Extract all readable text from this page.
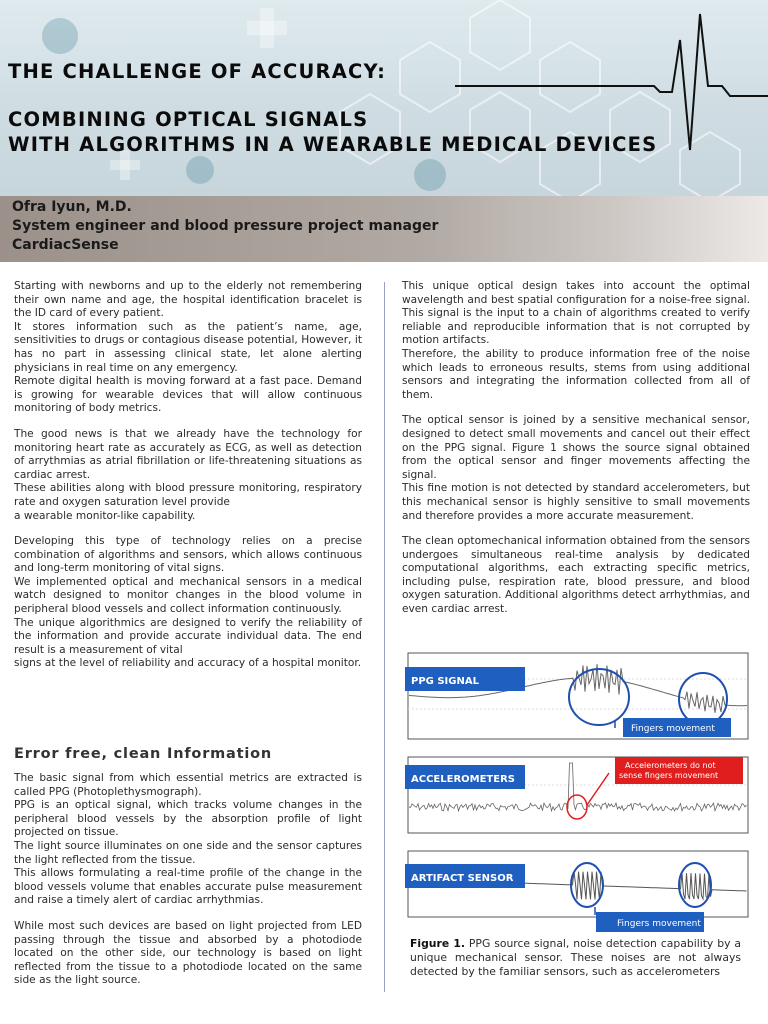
THE CHALLENGE OF ACCURACY:
COMBINING OPTICAL SIGNALS
WITH ALGORITHMS IN A WEARABLE MEDICAL DEVICES
Ofra Iyun, M.D.
System engineer and blood pressure project manager
CardiacSense

Starting with newborns and up to the elderly not remembering their own name and age, the hospital identification bracelet is the ID card of every patient.

It stores information such as the patient’s name, age, sensitivities to drugs or contagious disease potential, However, it has no part in assessing clinical state, let alone alerting physicians in real time on any emergency.

Remote digital health is moving forward at a fast pace. Demand is growing for wearable devices that will allow continuous monitoring of body metrics.

The good news is that we already have the technology for monitoring heart rate as accurately as ECG, as well as detection of arrythmias as atrial fibrillation or life-threatening situations as cardiac arrest.

These abilities along with blood pressure monitoring, respiratory rate and oxygen saturation level provide

a wearable monitor-like capability.

Developing this type of technology relies on a precise combination of algorithms and sensors, which allows continuous and long-term monitoring of vital signs.

We implemented optical and mechanical sensors in a medical watch designed to monitor changes in the blood volume in peripheral blood vessels and collect information continuously.

The unique algorithmics are designed to verify the reliability of the information and provide accurate individual data. The end result is a measurement of vital

signs at the level of reliability and accuracy of a hospital monitor.

Error free, clean Information

The basic signal from which essential metrics are extracted is called PPG (Photoplethysmograph).

PPG is an optical signal, which tracks volume changes in the peripheral blood vessels by the absorption profile of light projected on tissue.

The light source illuminates on one side and the sensor captures the light reflected from the tissue.

This allows formulating a real-time profile of the change in the blood vessels volume that enables accurate pulse measurement and raise a timely alert of cardiac arrhythmias.

While most such devices are based on light projected from LED passing through the tissue and absorbed by a photodiode located on the other side, our technology is based on light reflected from the tissue to a photodiode located on the same side as the light source.

This unique optical design takes into account the optimal wavelength and best spatial configuration for a noise-free signal. This signal is the input to a chain of algorithms created to verify reliable and reproducible information that is not corrupted by motion artifacts.

Therefore, the ability to produce information free of the noise which leads to erroneous results, stems from using additional sensors and integrating the information collected from all of them.

The optical sensor is joined by a sensitive mechanical sensor, designed to detect small movements and cancel out their effect on the PPG signal. Figure 1 shows the source signal obtained from the optical sensor and finger movements affecting the signal.

This fine motion is not detected by standard accelerometers, but this mechanical sensor is highly sensitive to small movements and therefore provides a more accurate measurement.

The clean optomechanical information obtained from the sensors undergoes simultaneous real-time analysis by dedicated computational algorithms, each extracting specific metrics, including pulse, respiration rate, blood pressure, and blood oxygen saturation. Additional algorithms detect arrhythmias, and even cardiac arrest.

PPG SIGNAL
Fingers movement
ACCELEROMETERS
Accelerometers do not sense fingers movement
ARTIFACT SENSOR
Fingers movement
Figure 1. PPG source signal, noise detection capability by a unique mechanical sensor. These noises are not always detected by the familiar sensors, such as accelerometers
